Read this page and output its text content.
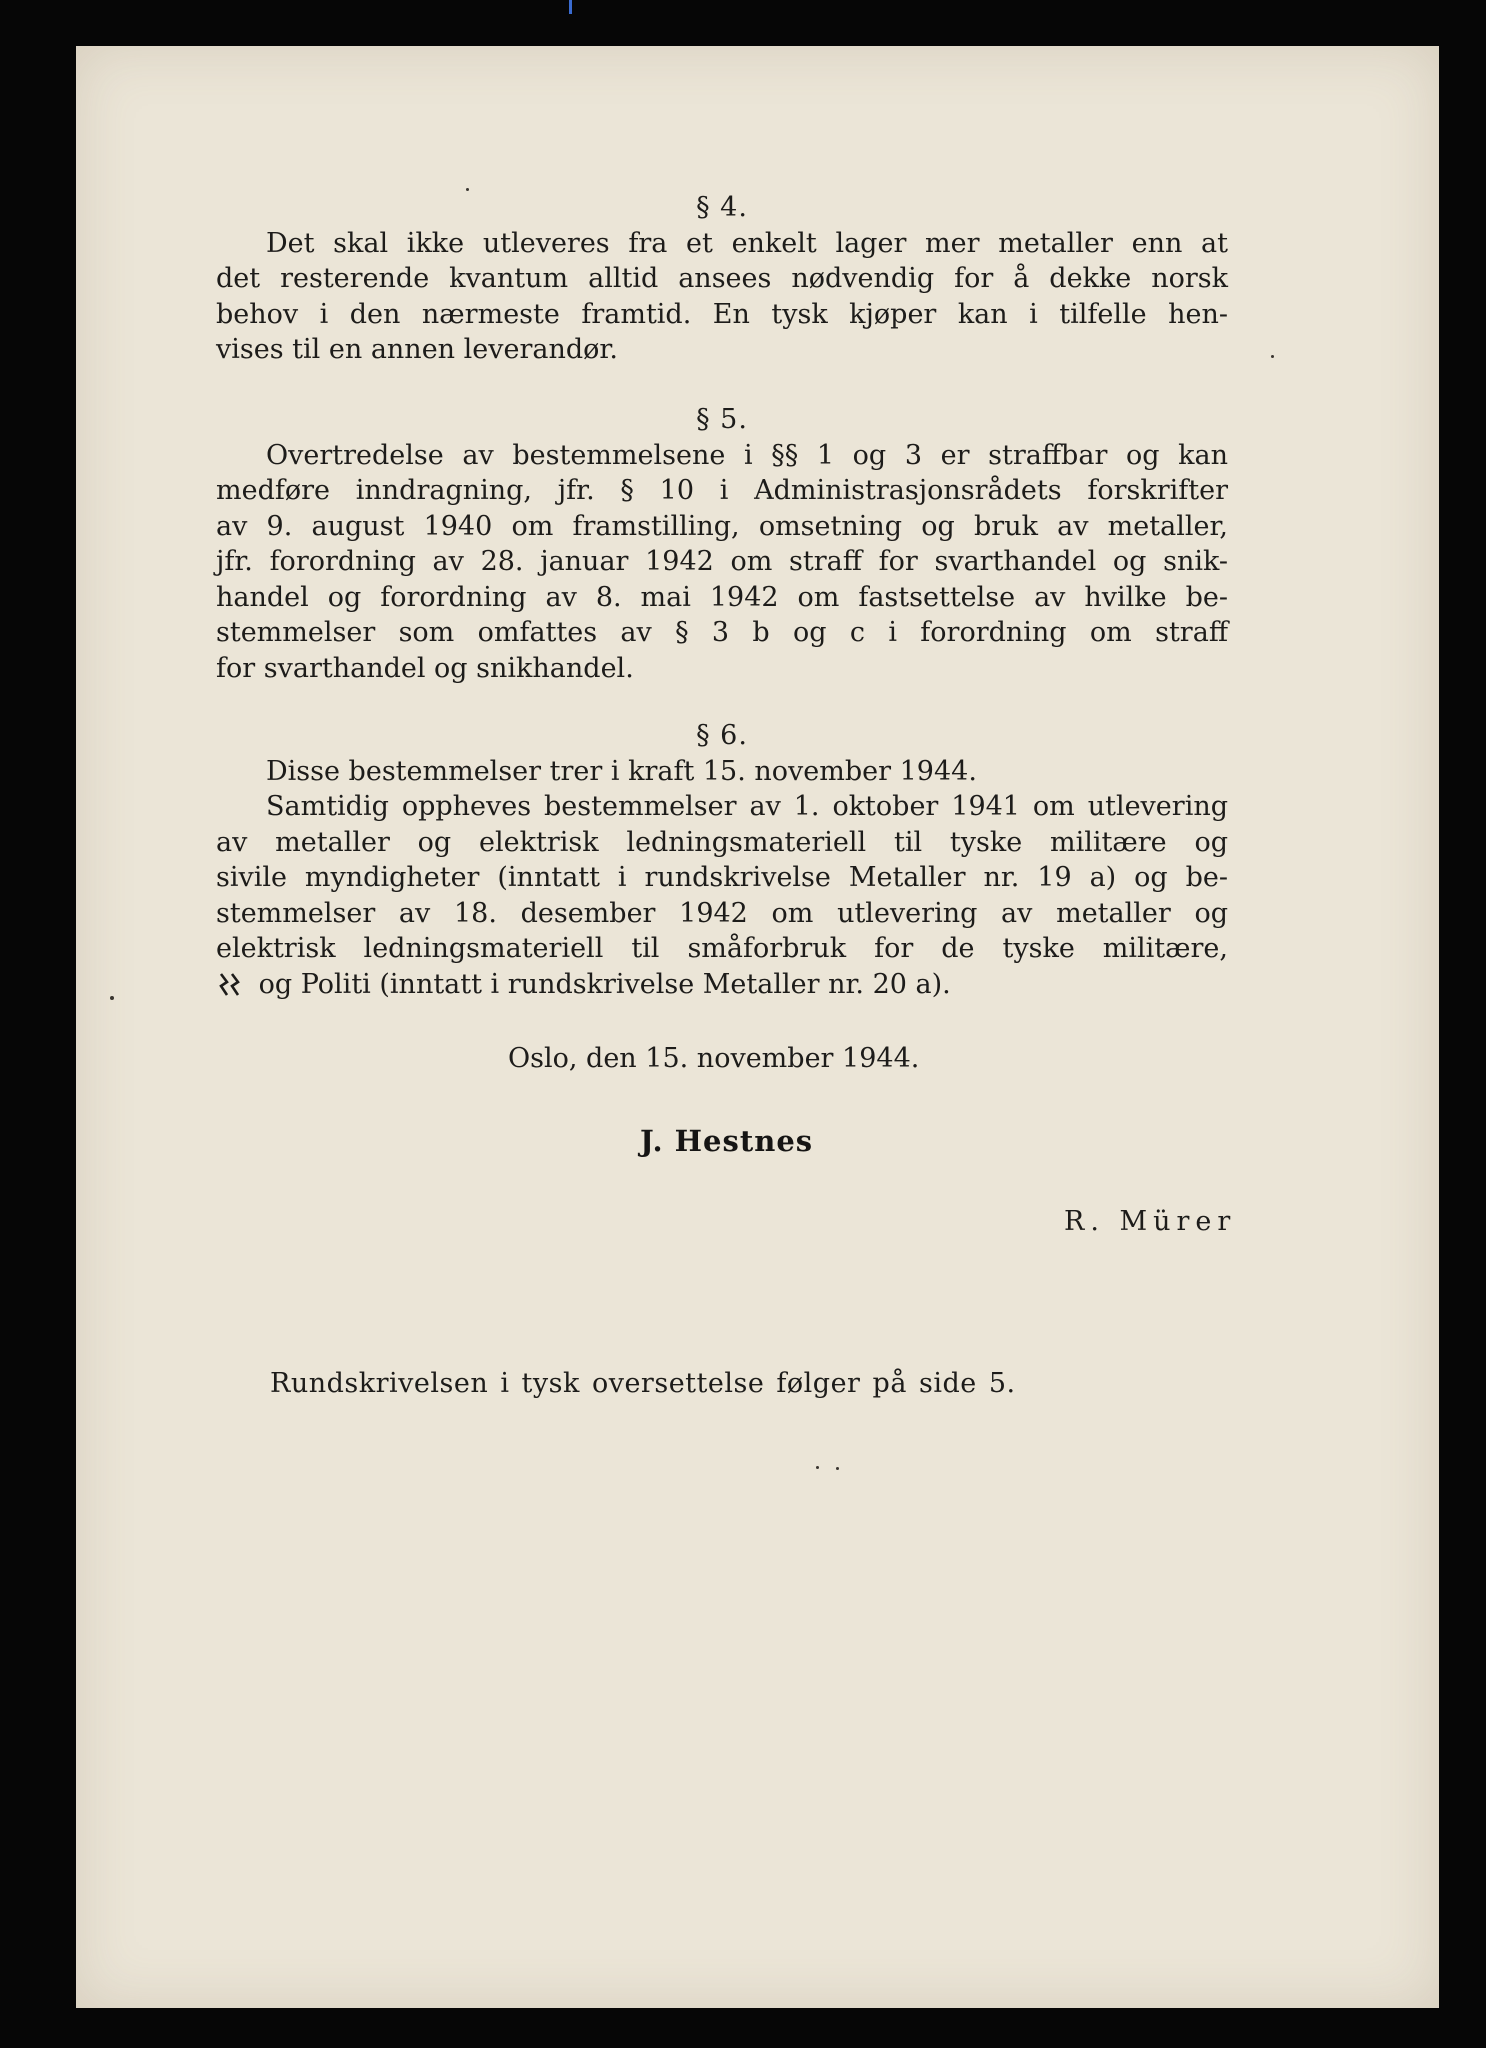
§ 4.

Det skal ikke utleveres fra et enkelt lager mer metaller enn at
det resterende kvantum alltid ansees nødvendig for å dekke norsk
behov i den nærmeste framtid. En tysk kjøper kan i tilfelle hen-
vises til en annen leverandør.

§ 5.

Overtredelse av bestemmelsene i §§ 1 og 3 er straffbar og kan
medføre inndragning, jfr. § 10 i Administrasjonsrådets forskrifter
av 9. august 1940 om framstilling, omsetning og bruk av metaller,
jfr. forordning av 28. januar 1942 om straff for svarthandel og snik-
handel og forordning av 8. mai 1942 om fastsettelse av hvilke be-
stemmelser som omfattes av § 3 b og c i forordning om straff
for svarthandel og snikhandel.

§ 6.

Disse bestemmelser trer i kraft 15. november 1944.
Samtidig oppheves bestemmelser av 1. oktober 1941 om utlevering
av metaller og elektrisk ledningsmateriell til tyske militære og
sivile myndigheter (inntatt i rundskrivelse Metaller nr. 19 a) og be-
stemmelser av 18. desember 1942 om utlevering av metaller og
elektrisk ledningsmateriell til småforbruk for de tyske militære,

og Politi (inntatt i rundskrivelse Metaller nr. 20 a).
Oslo, den 15. november 1944.
J. Hestnes
R. Mürer
Rundskrivelsen i tysk oversettelse følger på side 5.
